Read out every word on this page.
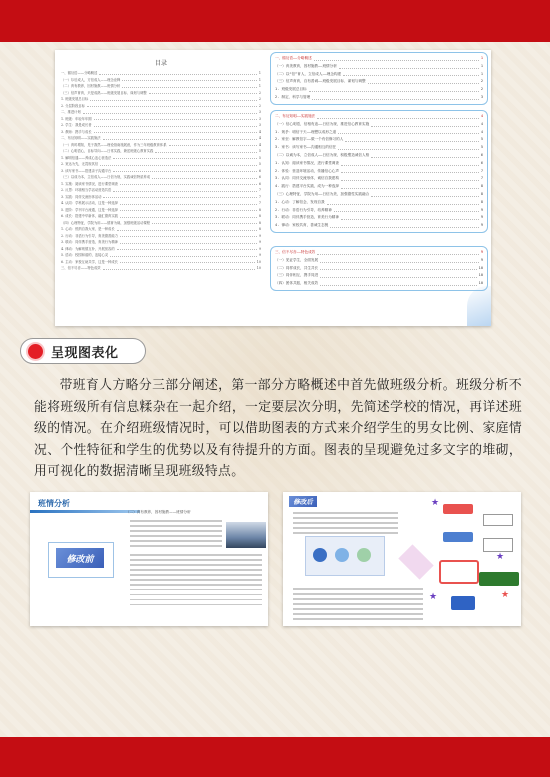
目录
一、循衍语——分略概述	1
（一）尔后成人，方信成人——理念诠释	1
（二）育有教养，因材施教——班情分析	1
（三）信声育育，只是成熟——班级发展目标、谋划与调整	2
1. 班级发展总目标	2
2. 分层阶段目标	2
二、推进计划	3
1. 班级：年轻年年期	3
2. 学生：我是成长者	3
3. 教师：携手与成长	4
二、布衍知明——实践施法	4
（一）育时增知，见于我然——理论指南施展意，作为三年班级教育体系	4
（二）心明语心，目标导向——日常实践，兼述班级心教育实践	5
1. 解明信通——养成心连心营造法	5
2. 宽达为先，无畏规其信	5
3. 读写家书——搭建亲子沟通平台	6
（三）以成为本，主信成人——日信为规，实践诚信特质养成	6
1. 实施：阅读家书情况，进行课堂调查	6
2. 反思：环境相当学活动营造共语	7
3. 实践：同伴交流形体活动	7
4. 认同：学科展示活动，这是一种选择	7
5. 进阶：学刊平台流通，这是一种选择	8
6. 成长：搭建中华新体，融汇德育实践	8
（四）心理特征，学院为用——德育为础，加强班级活动课程	8
1. 心动：悦纳自我大家，是一种成长	8
2. 行动：非语行为引导，育美德善能力	9
3. 联动：同伴携手营造，育美行为精神	9
4. 律动：为解则德互补，开展宽容的	9
5. 语动：校园和谐的，连接心灵	9
6. 主动：家校互助共学，这是一种成长	10
三、信不尽音——特色成效	10
一、循衍语——分略概述	1
（一）育美教育，因材施教——班情分析	1
（二）以“信”育人，立信成人——理念构建	1
（三）信声育育，自有善诚——班级发展目标、谋划与调整	2
1. 班级发展总目标	2
2. 制定、科学与管理	3
二、布衍知明——实践施法	4
（一）信心明语，信相有追——日信为规，推进信心教育实施	4
1. 规矛：明信于天——理想以成形之道	4
2. 家至：解教信字——做一个有信修习的人	5
3. 家书：读写家书——沟通相互的信任	5
（二）以诚为本，立信成人——日信为规，积极塑造诚信人格	6
1. 认知：阅读家书情况，进行课堂调查	6
2. 体验：营造环境活动，传播信心心声	7
3. 认同：同伴交流形体，诚信自我建构	7
4. 践行：搭建平台实践，成为一种选择	8
（三）心理特征，学院为用——日信为美，加强德性实践融合	8
1. 心动：了解信念、发现自我	8
2. 行动：非语行为引导，培养精神	9
3. 联动：同伴携手营造，育美行为精神	9
4. 律动：家校共育，善诚生态链	9
三、信不尽音——特色成效	9
（一）见证学生，全面发展	9
（二）同样成长，共生共长	10
（三）同伴相互，携手同进	10
（四）团体共振，相关成效	10
呈现图表化

带班育人方略分三部分阐述，第一部分方略概述中首先做班级分析。班级分析不能将班级所有信息糅杂在一起介绍，一定要层次分明，先简述学校的情况，再详述班级的情况。在介绍班级情况时，可以借助图表的方式来介绍学生的男女比例、家庭情况、个性特征和学生的优势以及有待提升的方面。图表的呈现避免过多文字的堆砌，用可视化的数据清晰呈现班级特点。

班情分析
修改前
（二）育有教养，因材施教——班情分析
修改后	★
★
★	★
